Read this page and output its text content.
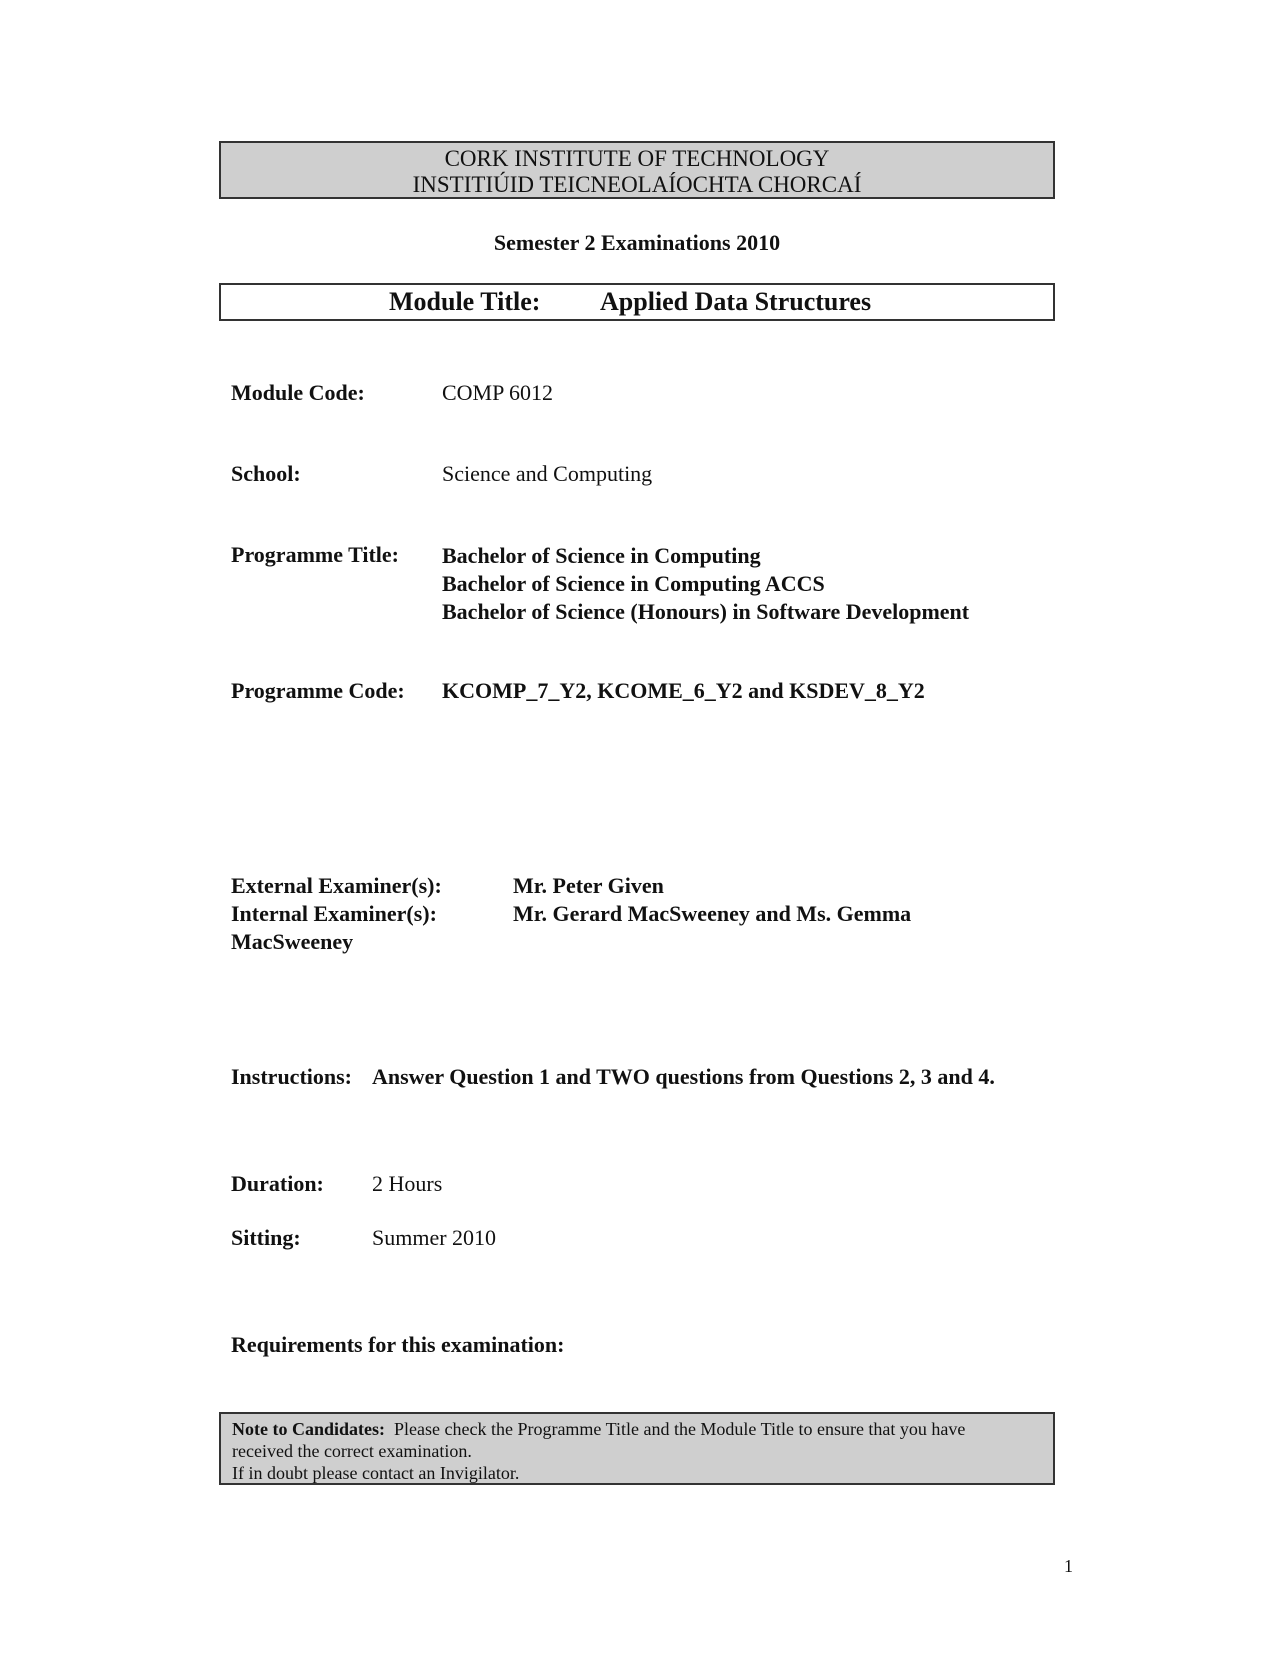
CORK INSTITUTE OF TECHNOLOGY
INSTITIÚID TEICNEOLAÍOCHTA CHORCAÍ
Semester 2 Examinations 2010
Module Title: Applied Data Structures
Module Code:	COMP 6012
School:	Science and Computing
Programme Title: Bachelor of Science in Computing
Bachelor of Science in Computing ACCS
Bachelor of Science (Honours) in Software Development
Programme Code: KCOMP_7_Y2, KCOME_6_Y2 and KSDEV_8_Y2
External Examiner(s):	Mr. Peter Given
Internal Examiner(s):	Mr. Gerard MacSweeney and Ms. Gemma
MacSweeney
Instructions: Answer Question 1 and TWO questions from Questions 2, 3 and 4.
Duration: 2 Hours
Sitting:	Summer 2010
Requirements for this examination:
Note to Candidates: Please check the Programme Title and the Module Title to ensure that you have
received the correct examination.
If in doubt please contact an Invigilator.
1
